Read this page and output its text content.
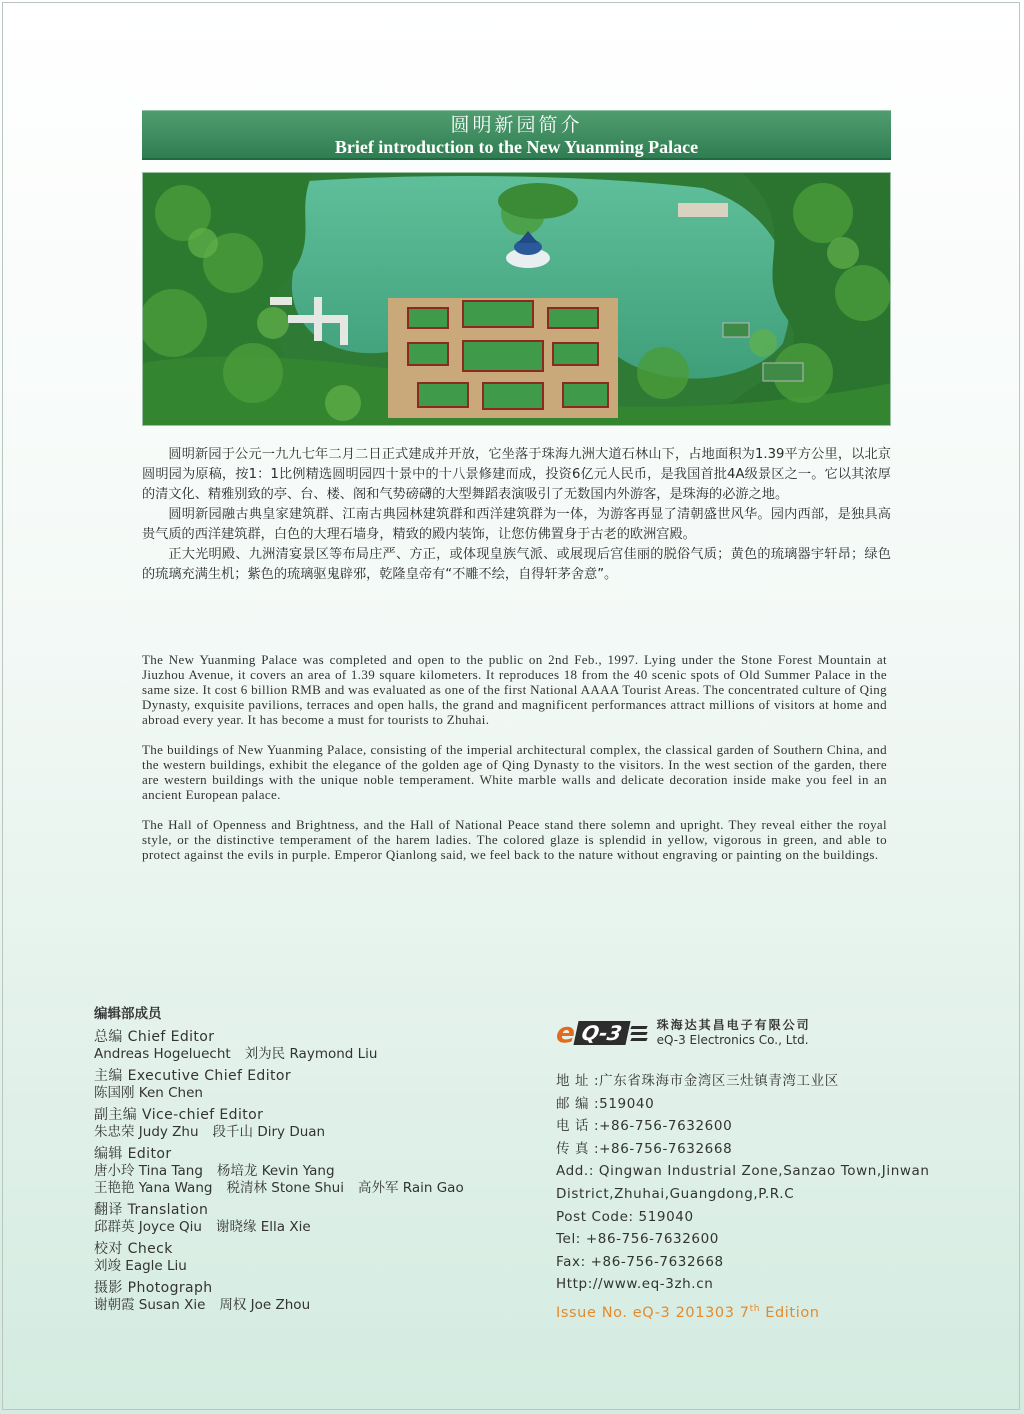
圆明新园简介
Brief introduction to the New Yuanming Palace

圆明新园于公元一九九七年二月二日正式建成并开放，它坐落于珠海九洲大道石林山下，占地面积为1.39平方公里，以北京圆明园为原稿，按1：1比例精选圆明园四十景中的十八景修建而成，投资6亿元人民币，是我国首批4A级景区之一。它以其浓厚的清文化、精雅别致的亭、台、楼、阁和气势磅礴的大型舞蹈表演吸引了无数国内外游客，是珠海的必游之地。

圆明新园融古典皇家建筑群、江南古典园林建筑群和西洋建筑群为一体，为游客再显了清朝盛世风华。园内西部，是独具高贵气质的西洋建筑群，白色的大理石墙身，精致的殿内装饰，让您仿佛置身于古老的欧洲宫殿。

正大光明殿、九洲清宴景区等布局庄严、方正，或体现皇族气派、或展现后宫佳丽的脱俗气质；黄色的琉璃器宇轩昂；绿色的琉璃充满生机；紫色的琉璃驱鬼辟邪，乾隆皇帝有“不雕不绘，自得轩茅舍意”。

The New Yuanming Palace was completed and open to the public on 2nd Feb., 1997. Lying under the Stone Forest Mountain at Jiuzhou Avenue, it covers an area of 1.39 square kilometers. It reproduces 18 from the 40 scenic spots of Old Summer Palace in the same size. It cost 6 billion RMB and was evaluated as one of the first National AAAA Tourist Areas. The concentrated culture of Qing Dynasty, exquisite pavilions, terraces and open halls, the grand and magnificent performances attract millions of visitors at home and abroad every year. It has become a must for tourists to Zhuhai.

The buildings of New Yuanming Palace, consisting of the imperial architectural complex, the classical garden of Southern China, and the western buildings, exhibit the elegance of the golden age of Qing Dynasty to the visitors. In the west section of the garden, there are western buildings with the unique noble temperament. White marble walls and delicate decoration inside make you feel in an ancient European palace.

The Hall of Openness and Brightness, and the Hall of National Peace stand there solemn and upright. They reveal either the royal style, or the distinctive temperament of the harem ladies. The colored glaze is splendid in yellow, vigorous in green, and able to protect against the evils in purple. Emperor Qianlong said, we feel back to the nature without engraving or painting on the buildings.

编辑部成员
总编 Chief Editor
Andreas Hogeluecht 刘为民 Raymond Liu
主编 Executive Chief Editor
陈国刚 Ken Chen
副主编 Vice-chief Editor
朱忠荣 Judy Zhu 段千山 Diry Duan
编辑 Editor
唐小玲 Tina Tang 杨培龙 Kevin Yang
王艳艳 Yana Wang 税清林 Stone Shui 高外军 Rain Gao
翻译 Translation
邱群英 Joyce Qiu 谢晓缘 Ella Xie
校对 Check
刘竣 Eagle Liu
摄影 Photograph
谢朝霞 Susan Xie 周权 Joe Zhou
e Q-3	珠海达其昌电子有限公司
eQ-3 Electronics Co., Ltd.
地 址 :广东省珠海市金湾区三灶镇青湾工业区
邮 编 :519040
电 话 :+86-756-7632600
传 真 :+86-756-7632668
Add.: Qingwan Industrial Zone,Sanzao Town,Jinwan
District,Zhuhai,Guangdong,P.R.C
Post Code: 519040
Tel: +86-756-7632600
Fax: +86-756-7632668
Http://www.eq-3zh.cn
Issue No. eQ-3 201303 7th Edition
